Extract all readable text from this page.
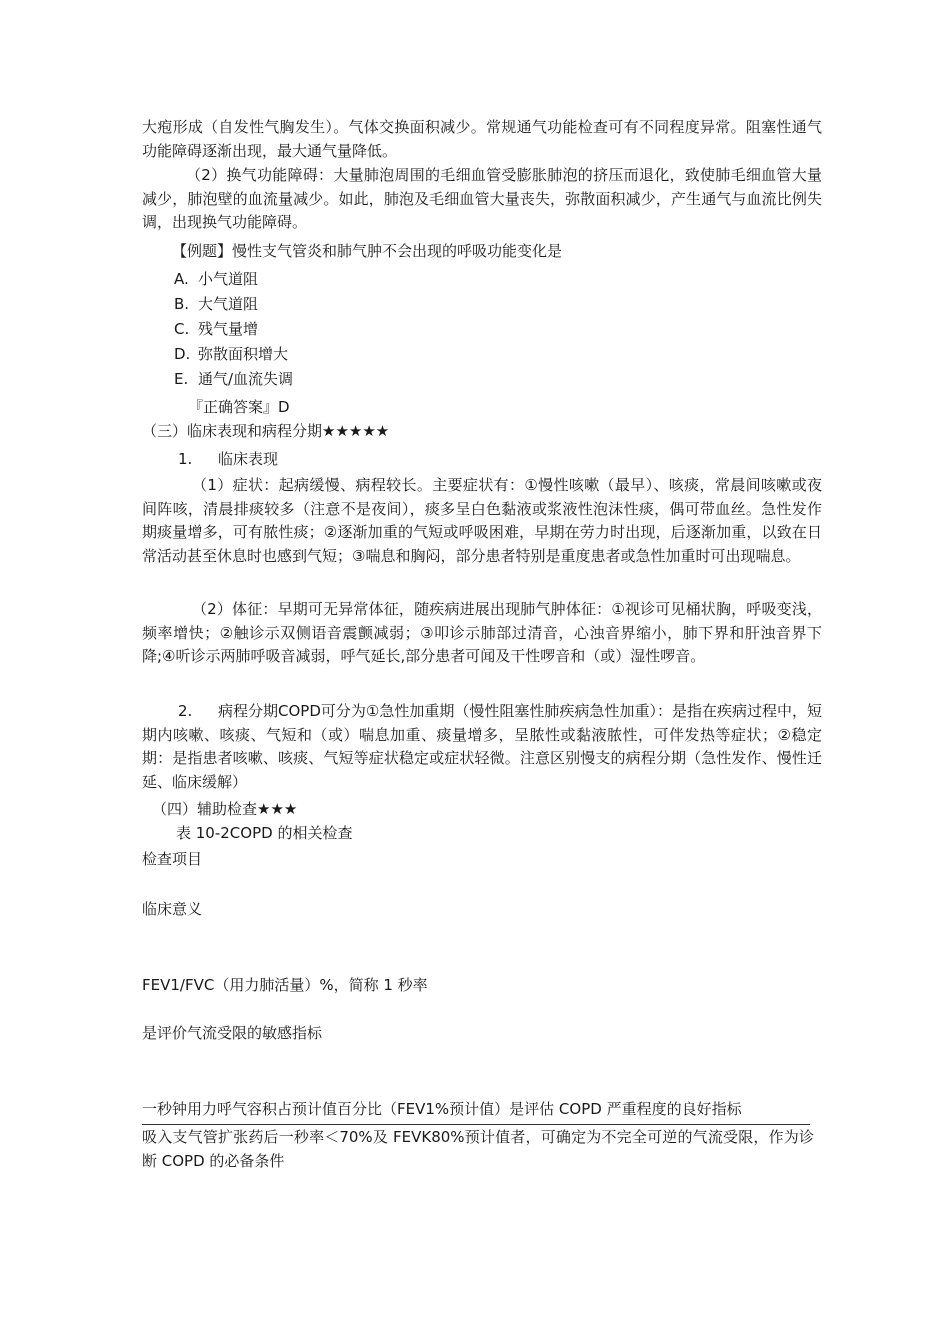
大疱形成（自发性气胸发生）。气体交换面积减少。常规通气功能检查可有不同程度异常。阻塞性通气功能障碍逐渐出现，最大通气量降低。

（2）换气功能障碍：大量肺泡周围的毛细血管受膨胀肺泡的挤压而退化，致使肺毛细血管大量减少，肺泡壁的血流量减少。如此，肺泡及毛细血管大量丧失，弥散面积减少，产生通气与血流比例失调，出现换气功能障碍。

【例题】慢性支气管炎和肺气肿不会出现的呼吸功能变化是

A. 小气道阻
B. 大气道阻
C. 残气量增
D. 弥散面积增大
E. 通气/血流失调

『正确答案』D

（三）临床表现和病程分期★★★★★

1. 临床表现

（1）症状：起病缓慢、病程较长。主要症状有：①慢性咳嗽（最早）、咳痰，常晨间咳嗽或夜间阵咳，清晨排痰较多（注意不是夜间），痰多呈白色黏液或浆液性泡沫性痰，偶可带血丝。急性发作期痰量增多，可有脓性痰；②逐渐加重的气短或呼吸困难，早期在劳力时出现，后逐渐加重，以致在日常活动甚至休息时也感到气短；③喘息和胸闷，部分患者特别是重度患者或急性加重时可出现喘息。

（2）体征：早期可无异常体征，随疾病进展出现肺气肿体征：①视诊可见桶状胸，呼吸变浅，频率增快；②触诊示双侧语音震颤减弱；③叩诊示肺部过清音，心浊音界缩小，肺下界和肝浊音界下降;④听诊示两肺呼吸音减弱，呼气延长,部分患者可闻及干性啰音和（或）湿性啰音。

2. 病程分期COPD可分为①急性加重期（慢性阻塞性肺疾病急性加重）：是指在疾病过程中，短期内咳嗽、咳痰、气短和（或）喘息加重、痰量增多，呈脓性或黏液脓性，可伴发热等症状；②稳定期：是指患者咳嗽、咳痰、气短等症状稳定或症状轻微。注意区别慢支的病程分期（急性发作、慢性迁延、临床缓解）

（四）辅助检查★★★

表 10-2COPD 的相关检查

检查项目

临床意义

FEV1/FVC（用力肺活量）%，简称 1 秒率

是评价气流受限的敏感指标

一秒钟用力呼气容积占预计值百分比（FEV1%预计值）是评估 COPD 严重程度的良好指标

吸入支气管扩张药后一秒率＜70%及 FEVK80%预计值者，可确定为不完全可逆的气流受限，作为诊断 COPD 的必备条件
